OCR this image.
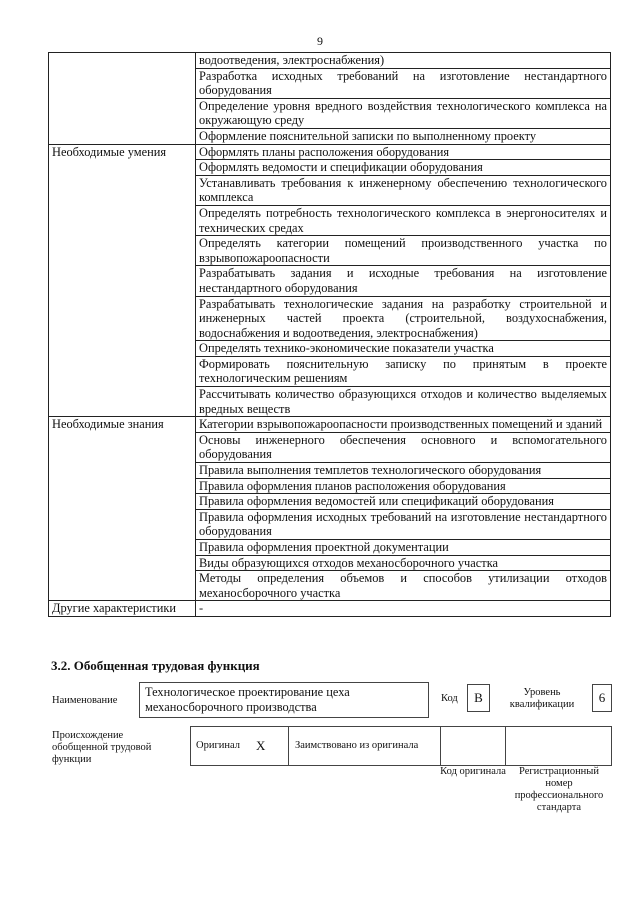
9
	водоотведения, электроснабжения)
	Разработка исходных требований на изготовление нестандартного оборудования
	Определение уровня вредного воздействия технологического комплекса на окружающую среду
	Оформление пояснительной записки по выполненному проекту
Необходимые умения	Оформлять планы расположения оборудования
	Оформлять ведомости и спецификации оборудования
	Устанавливать требования к инженерному обеспечению технологического комплекса
	Определять потребность технологического комплекса в энергоносителях и технических средах
	Определять категории помещений производственного участка по взрывопожароопасности
	Разрабатывать задания и исходные требования на изготовление нестандартного оборудования
	Разрабатывать технологические задания на разработку строительной и инженерных частей проекта (строительной, воздухоснабжения, водоснабжения и водоотведения, электроснабжения)
	Определять технико-экономические показатели участка
	Формировать пояснительную записку по принятым в проекте технологическим решениям
	Рассчитывать количество образующихся отходов и количество выделяемых вредных веществ
Необходимые знания	Категории взрывопожароопасности производственных помещений и зданий
	Основы инженерного обеспечения основного и вспомогательного оборудования
	Правила выполнения темплетов технологического оборудования
	Правила оформления планов расположения оборудования
	Правила оформления ведомостей или спецификаций оборудования
	Правила оформления исходных требований на изготовление нестандартного оборудования
	Правила оформления проектной документации
	Виды образующихся отходов механосборочного участка
	Методы определения объемов и способов утилизации отходов механосборочного участка
Другие характеристики	-
3.2. Обобщенная трудовая функция
Наименование
Технологическое проектирование цеха механосборочного производства
Код	B	Уровень квалификации	6
Происхождение обобщенной трудовой функции
Оригинал X	Заимствовано из оригинала
Код оригинала	Регистрационный номер профессионального стандарта
